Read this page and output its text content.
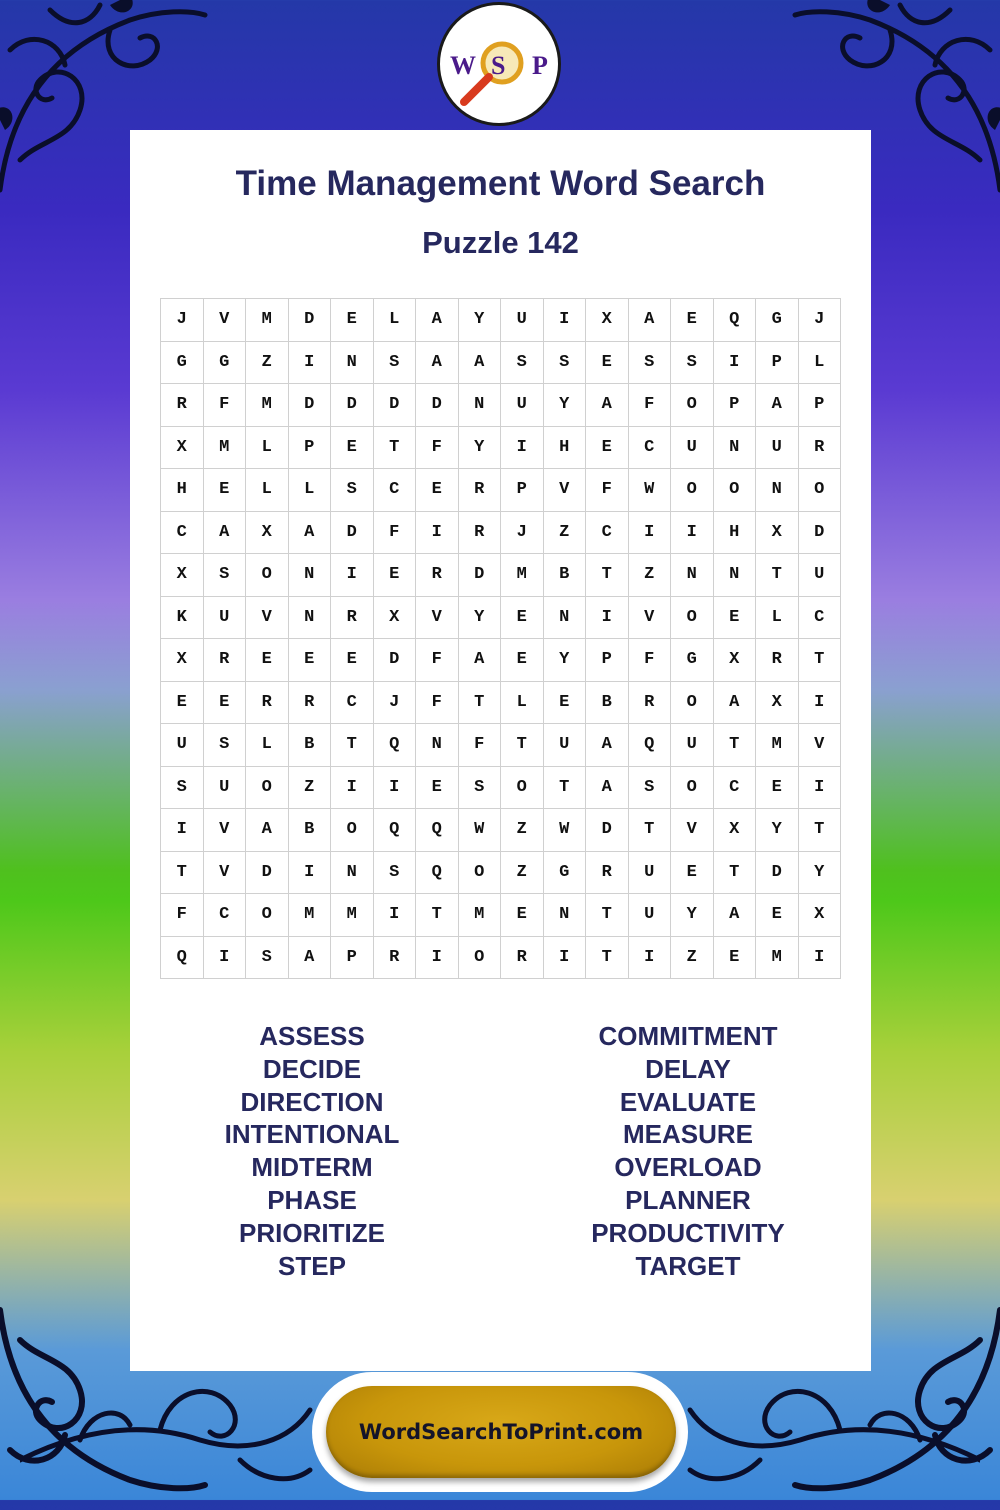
W S P
Time Management Word Search
Puzzle 142
J	V	M	D	E	L	A	Y	U	I	X	A	E	Q	G	J
G	G	Z	I	N	S	A	A	S	S	E	S	S	I	P	L
R	F	M	D	D	D	D	N	U	Y	A	F	O	P	A	P
X	M	L	P	E	T	F	Y	I	H	E	C	U	N	U	R
H	E	L	L	S	C	E	R	P	V	F	W	O	O	N	O
C	A	X	A	D	F	I	R	J	Z	C	I	I	H	X	D
X	S	O	N	I	E	R	D	M	B	T	Z	N	N	T	U
K	U	V	N	R	X	V	Y	E	N	I	V	O	E	L	C
X	R	E	E	E	D	F	A	E	Y	P	F	G	X	R	T
E	E	R	R	C	J	F	T	L	E	B	R	O	A	X	I
U	S	L	B	T	Q	N	F	T	U	A	Q	U	T	M	V
S	U	O	Z	I	I	E	S	O	T	A	S	O	C	E	I
I	V	A	B	O	Q	Q	W	Z	W	D	T	V	X	Y	T
T	V	D	I	N	S	Q	O	Z	G	R	U	E	T	D	Y
F	C	O	M	M	I	T	M	E	N	T	U	Y	A	E	X
Q	I	S	A	P	R	I	O	R	I	T	I	Z	E	M	I
ASSESS
DECIDE
DIRECTION
INTENTIONAL
MIDTERM
PHASE
PRIORITIZE
STEP
COMMITMENT
DELAY
EVALUATE
MEASURE
OVERLOAD
PLANNER
PRODUCTIVITY
TARGET
WordSearchToPrint.com
